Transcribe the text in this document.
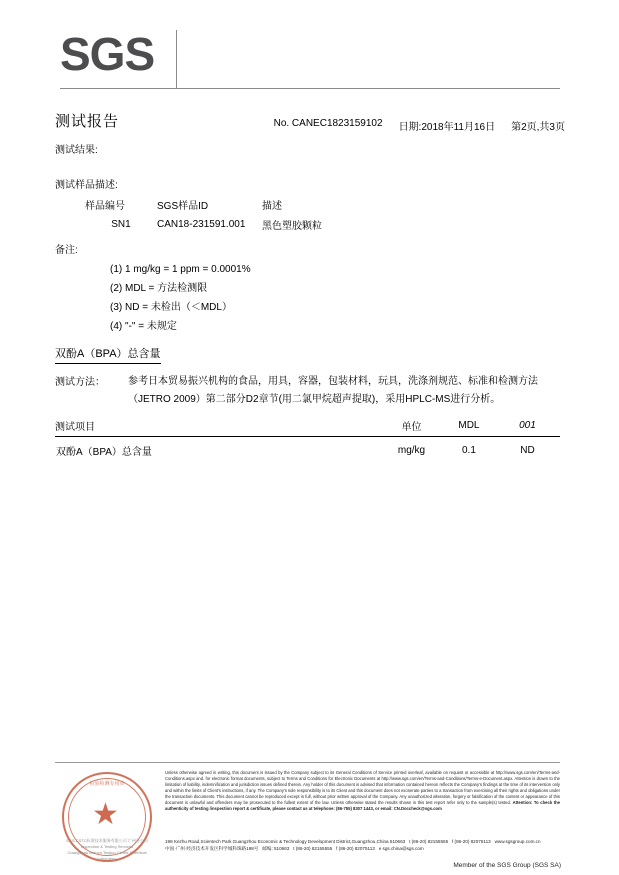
SGS
测试报告	No. CANEC1823159102 日期:2018年11月16日 第2页,共3页
测试结果:
测试样品描述:
样品编号	SGS样品ID	描述
SN1	CAN18-231591.001	黑色塑胶颗粒
备注:
(1) 1 mg/kg = 1 ppm = 0.0001%
(2) MDL = 方法检测限
(3) ND = 未检出（＜MDL）
(4) "-" = 未规定
双酚A（BPA）总含量
测试方法： 参考日本贸易振兴机构的食品，用具，容器，包装材料，玩具，洗涤剂规范、标准和检测方法（JETRO 2009）第二部分D2章节(用二氯甲烷超声提取)，采用HPLC-MS进行分析。
测试项目	单位	MDL	001
双酚A（BPA）总含量	mg/kg	0.1	ND
检验检测专用章
★
SGS-CSTC标准技术服务有限公司 广州分公司
Inspection & Testing Services
Guangzhou Branch Testing Center Chemical Laboratory
Unless otherwise agreed in writing, this document is issued by the Company subject to its General Conditions of Service printed overleaf, available on request or accessible at http://www.sgs.com/en/Terms-and-Conditions.aspx and, for electronic format documents, subject to Terms and Conditions for Electronic Documents at http://www.sgs.com/en/Terms-and-Conditions/Terms-e-Document.aspx. Attention is drawn to the limitation of liability, indemnification and jurisdiction issues defined therein. Any holder of this document is advised that information contained hereon reflects the Company's findings at the time of its intervention only and within the limits of Client's instructions, if any. The Company's sole responsibility is to its Client and this document does not exonerate parties to a transaction from exercising all their rights and obligations under the transaction documents. This document cannot be reproduced except in full, without prior written approval of the Company. Any unauthorized alteration, forgery or falsification of the content or appearance of this document is unlawful and offenders may be prosecuted to the fullest extent of the law. Unless otherwise stated the results shown in this test report refer only to the sample(s) tested. Attention: To check the authenticity of testing /inspection report & certificate, please contact us at telephone: (86-755) 8307 1443, or email: CN.Doccheck@sgs.com
198 Kezhu Road,Scientech Park Guangzhou Economic & Technology Development District,Guangzhou,China 510663 t (86-20) 82155555 f (86-20) 82075113 www.sgsgroup.com.cn
中国·广州·经济技术开发区科学城科珠路198号 邮编: 510663 t (86-20) 82155555 f (86-20) 82075113 e sgs.china@sgs.com
Member of the SGS Group (SGS SA)
